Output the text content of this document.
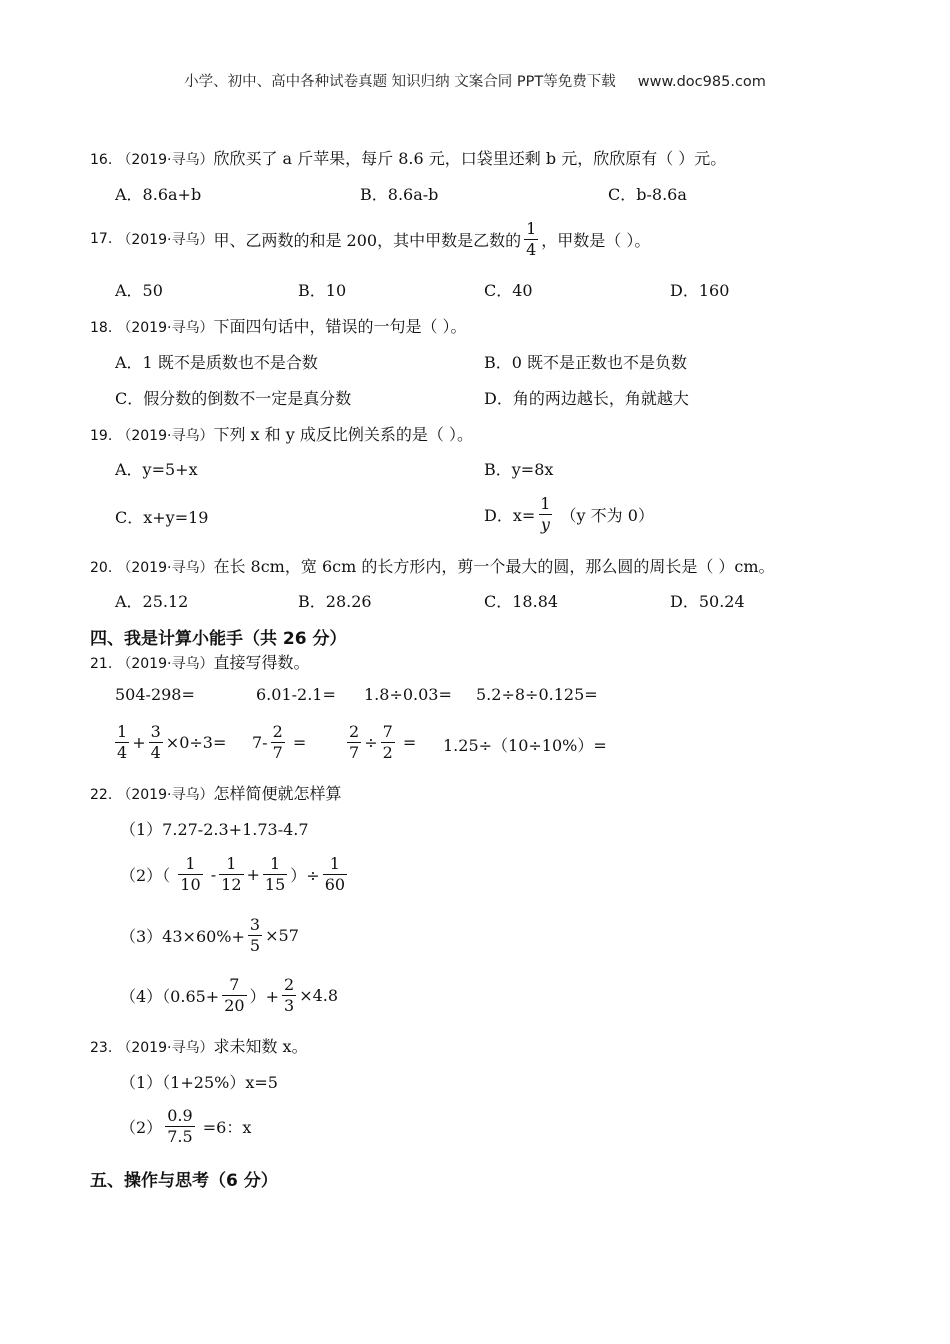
小学、初中、高中各种试卷真题 知识归纳 文案合同 PPT等免费下载 www.doc985.com
16. （2019·寻乌）欣欣买了 a 斤苹果，每斤 8.6 元，口袋里还剩 b 元，欣欣原有（ ）元。
A．8.6a+b	B．8.6a-b	C．b-8.6a
17.
（2019·寻乌） 甲、乙两数的和是 200，其中甲数是乙数的 $\frac{1}{4}$ ，甲数是（ ）。
A．50	B．10	C．40	D．160
18. （2019·寻乌）下面四句话中，错误的一句是（ ）。
A．1 既不是质数也不是合数	B．0 既不是正数也不是负数
C．假分数的倒数不一定是真分数	D．角的两边越长，角就越大
19. （2019·寻乌）下列 x 和 y 成反比例关系的是（ ）。
A．y=5+x	B．y=8x
C．x+y=19	D．$x= \frac{1}{y}$
（y 不为 0）
20. （2019·寻乌）在长 8cm，宽 6cm 的长方形内，剪一个最大的圆，那么圆的周长是（ ）cm。
A．25.12	B．28.26	C．18.84	D．50.24
四、我是计算小能手（共 26 分）
21. （2019·寻乌）直接写得数。
504-298=	6.01-2.1= 1.8÷0.03= 5.2÷8÷0.125=
$\frac{1}{4} + \frac{3}{4} \times 0\div 3= 7- \frac{2}{7}$
=	$\frac{2}{7} \div \frac{7}{2}$
= 1.25÷（10÷10%）=
22. （2019·寻乌）怎样简便就怎样算
（1）7.27-2.3+1.73-4.7
（2）（
$\frac{1}{10}$
- $\frac{1}{12} + \frac{1}{15}$ ）÷ $\frac{1}{60}$
$(3)43\times 60\%+ \frac{3}{5} \times 57$
$(4)(0.65+ \frac{7}{20}$ ）+ $\frac{2}{3} \times 4.8$
23. （2019·寻乌）求未知数 x。
（1）（1+25%）x=5
$(2) \frac{0.9}{7.5}$
=6：x
五、操作与思考（6 分）
